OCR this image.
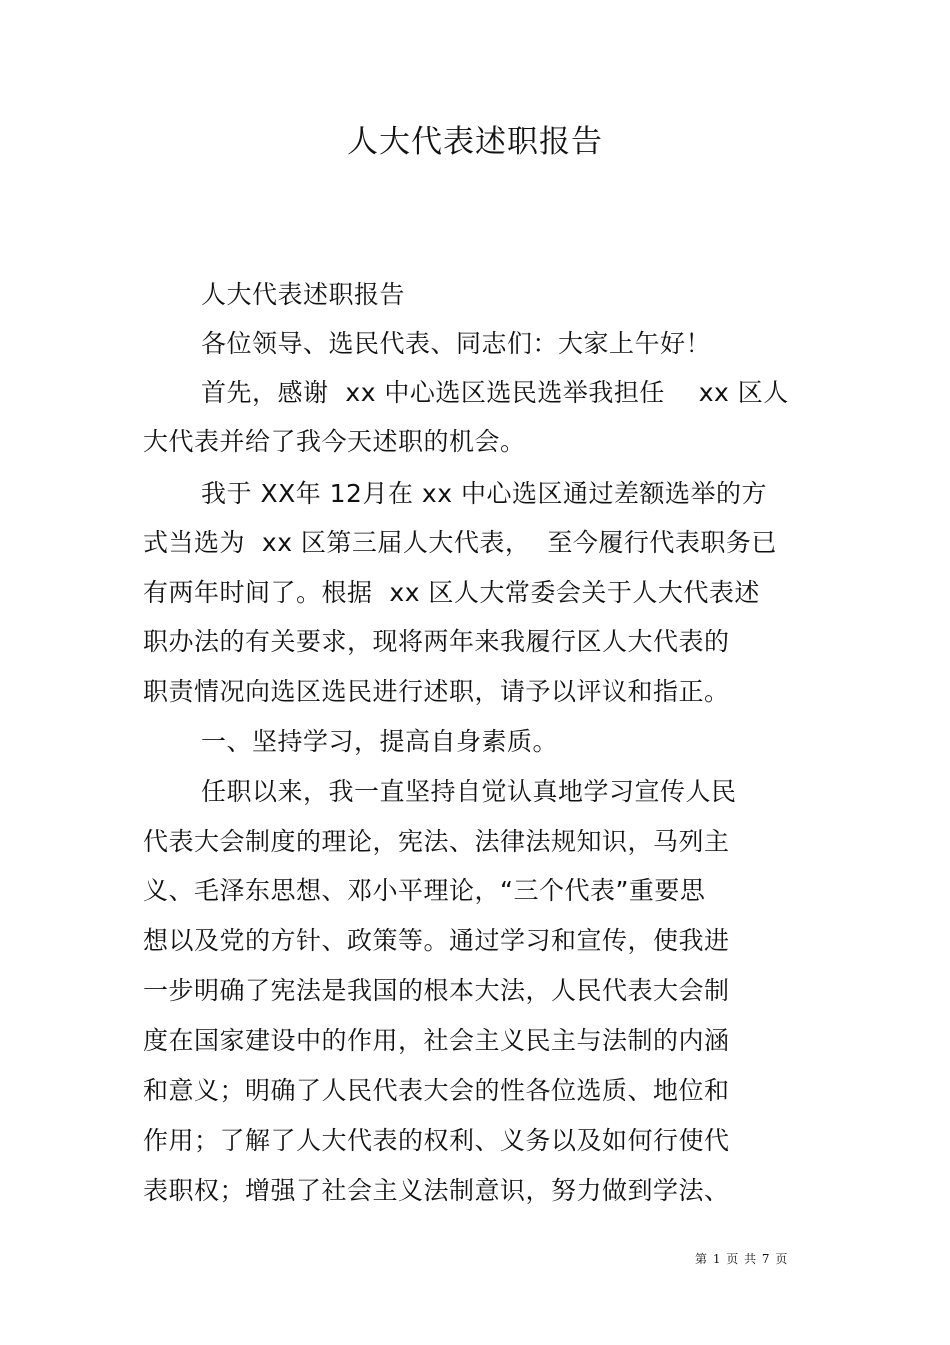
人大代表述职报告
人大代表述职报告
各位领导、选民代表、同志们：大家上午好！
首先，感谢  xx 中心选区选民选举我担任    xx 区人
大代表并给了我今天述职的机会。
我于 XX年 12月在 xx 中心选区通过差额选举的方
式当选为  xx 区第三届人大代表，  至今履行代表职务已
有两年时间了。根据  xx 区人大常委会关于人大代表述
职办法的有关要求，现将两年来我履行区人大代表的
职责情况向选区选民进行述职，请予以评议和指正。
一、坚持学习，提高自身素质。
任职以来，我一直坚持自觉认真地学习宣传人民
代表大会制度的理论，宪法、法律法规知识，马列主
义、毛泽东思想、邓小平理论，“三个代表”重要思
想以及党的方针、政策等。通过学习和宣传，使我进
一步明确了宪法是我国的根本大法，人民代表大会制
度在国家建设中的作用，社会主义民主与法制的内涵
和意义；明确了人民代表大会的性各位选质、地位和
作用；了解了人大代表的权利、义务以及如何行使代
表职权；增强了社会主义法制意识，努力做到学法、
第 1 页 共 7 页
